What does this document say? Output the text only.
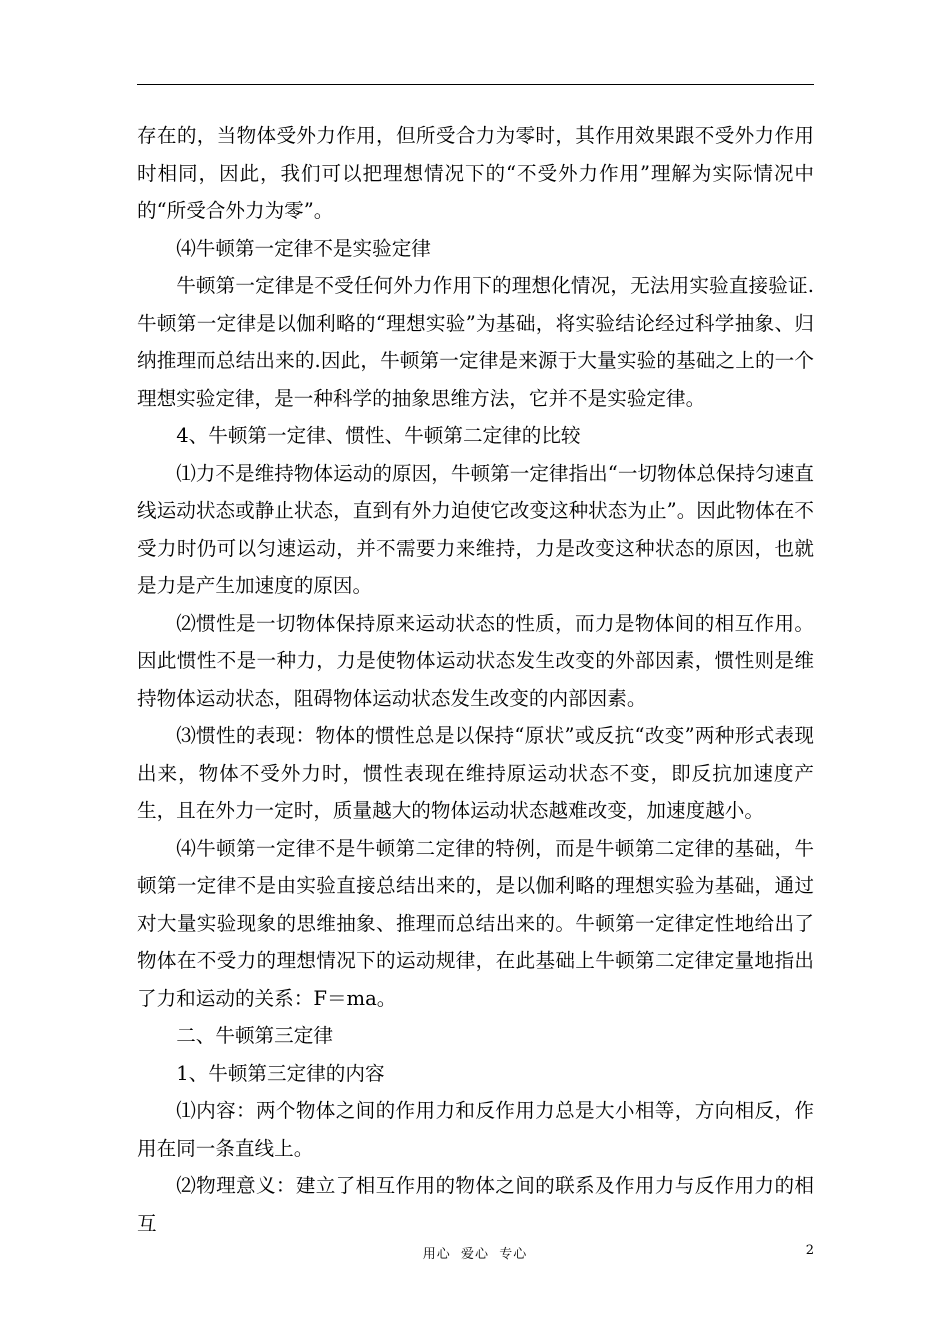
存在的，当物体受外力作用，但所受合力为零时，其作用效果跟不受外力作用时相同，因此，我们可以把理想情况下的“不受外力作用”理解为实际情况中的“所受合外力为零”。

⑷牛顿第一定律不是实验定律

牛顿第一定律是不受任何外力作用下的理想化情况，无法用实验直接验证.牛顿第一定律是以伽利略的“理想实验”为基础，将实验结论经过科学抽象、归纳推理而总结出来的.因此，牛顿第一定律是来源于大量实验的基础之上的一个理想实验定律，是一种科学的抽象思维方法，它并不是实验定律。

4、牛顿第一定律、惯性、牛顿第二定律的比较

⑴力不是维持物体运动的原因，牛顿第一定律指出“一切物体总保持匀速直线运动状态或静止状态，直到有外力迫使它改变这种状态为止”。因此物体在不受力时仍可以匀速运动，并不需要力来维持，力是改变这种状态的原因，也就是力是产生加速度的原因。

⑵惯性是一切物体保持原来运动状态的性质，而力是物体间的相互作用。因此惯性不是一种力，力是使物体运动状态发生改变的外部因素，惯性则是维持物体运动状态，阻碍物体运动状态发生改变的内部因素。

⑶惯性的表现：物体的惯性总是以保持“原状”或反抗“改变”两种形式表现出来，物体不受外力时，惯性表现在维持原运动状态不变，即反抗加速度产生，且在外力一定时，质量越大的物体运动状态越难改变，加速度越小。

⑷牛顿第一定律不是牛顿第二定律的特例，而是牛顿第二定律的基础，牛顿第一定律不是由实验直接总结出来的，是以伽利略的理想实验为基础，通过对大量实验现象的思维抽象、推理而总结出来的。牛顿第一定律定性地给出了物体在不受力的理想情况下的运动规律，在此基础上牛顿第二定律定量地指出了力和运动的关系：F＝ma。

二、牛顿第三定律

1、牛顿第三定律的内容

⑴内容：两个物体之间的作用力和反作用力总是大小相等，方向相反，作用在同一条直线上。

⑵物理意义：建立了相互作用的物体之间的联系及作用力与反作用力的相互

用心  爱心  专心	2
